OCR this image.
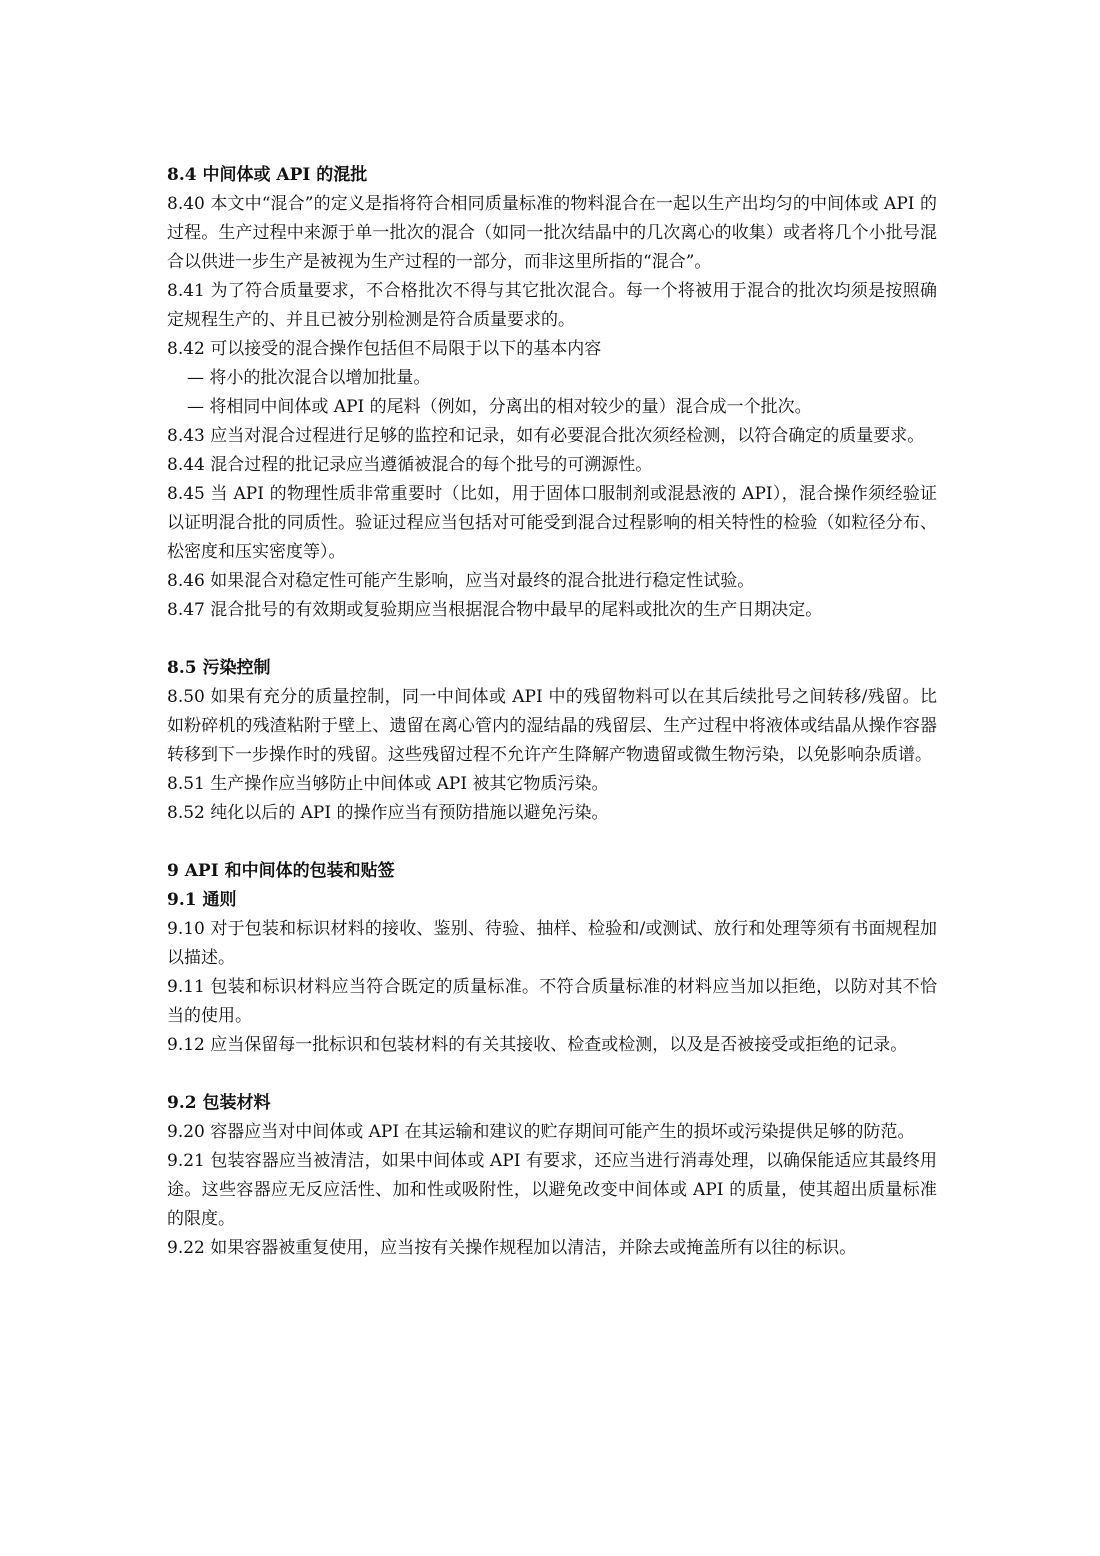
8.4 中间体或 API 的混批

8.40 本文中“混合”的定义是指将符合相同质量标准的物料混合在一起以生产出均匀的中间体或 API 的过程。生产过程中来源于单一批次的混合（如同一批次结晶中的几次离心的收集）或者将几个小批号混合以供进一步生产是被视为生产过程的一部分，而非这里所指的“混合”。

8.41 为了符合质量要求，不合格批次不得与其它批次混合。每一个将被用于混合的批次均须是按照确定规程生产的、并且已被分别检测是符合质量要求的。

8.42 可以接受的混合操作包括但不局限于以下的基本内容

— 将小的批次混合以增加批量。

— 将相同中间体或 API 的尾料（例如，分离出的相对较少的量）混合成一个批次。

8.43 应当对混合过程进行足够的监控和记录，如有必要混合批次须经检测，以符合确定的质量要求。

8.44 混合过程的批记录应当遵循被混合的每个批号的可溯源性。

8.45 当 API 的物理性质非常重要时（比如，用于固体口服制剂或混悬液的 API），混合操作须经验证以证明混合批的同质性。验证过程应当包括对可能受到混合过程影响的相关特性的检验（如粒径分布、松密度和压实密度等）。

8.46 如果混合对稳定性可能产生影响，应当对最终的混合批进行稳定性试验。

8.47 混合批号的有效期或复验期应当根据混合物中最早的尾料或批次的生产日期决定。

8.5 污染控制

8.50 如果有充分的质量控制，同一中间体或 API 中的残留物料可以在其后续批号之间转移/残留。比如粉碎机的残渣粘附于壁上、遗留在离心管内的湿结晶的残留层、生产过程中将液体或结晶从操作容器转移到下一步操作时的残留。这些残留过程不允许产生降解产物遗留或微生物污染，以免影响杂质谱。

8.51 生产操作应当够防止中间体或 API 被其它物质污染。

8.52 纯化以后的 API 的操作应当有预防措施以避免污染。

9 API 和中间体的包装和贴签

9.1 通则

9.10 对于包装和标识材料的接收、鉴别、待验、抽样、检验和/或测试、放行和处理等须有书面规程加以描述。

9.11 包装和标识材料应当符合既定的质量标准。不符合质量标准的材料应当加以拒绝，以防对其不恰当的使用。

9.12 应当保留每一批标识和包装材料的有关其接收、检查或检测，以及是否被接受或拒绝的记录。

9.2 包装材料

9.20 容器应当对中间体或 API 在其运输和建议的贮存期间可能产生的损坏或污染提供足够的防范。

9.21 包装容器应当被清洁，如果中间体或 API 有要求，还应当进行消毒处理，以确保能适应其最终用途。这些容器应无反应活性、加和性或吸附性，以避免改变中间体或 API 的质量，使其超出质量标准的限度。

9.22 如果容器被重复使用，应当按有关操作规程加以清洁，并除去或掩盖所有以往的标识。
